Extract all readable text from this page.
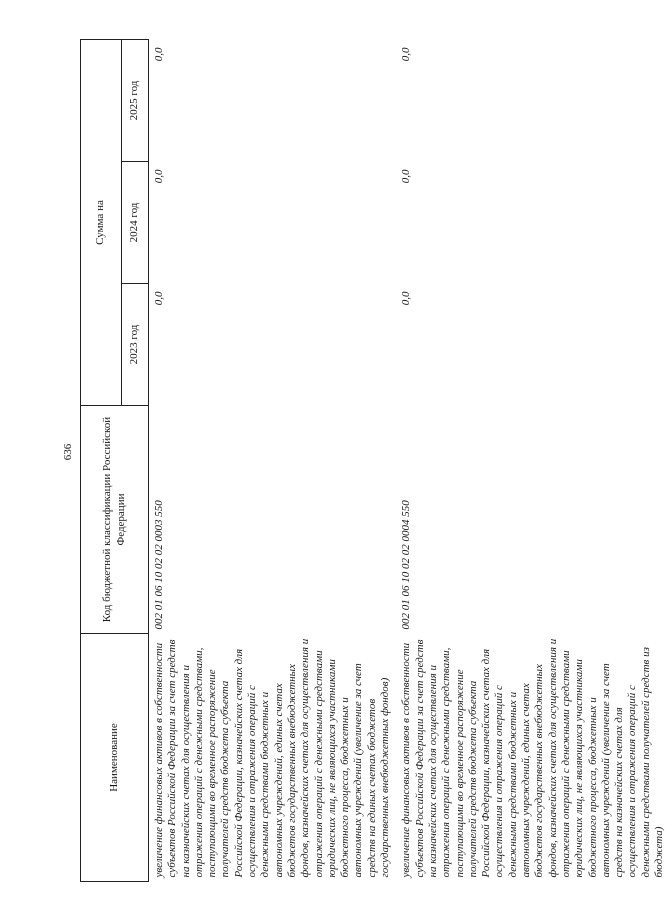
636
Наименование	Код бюджетной классификации Российской Федерации	Сумма на		
		2023 год	2024 год	2025 год
увеличение финансовых активов в собственности субъектов Российской Федерации за счет средств на казначейских счетах для осуществления и отражения операций с денежными средствами, поступающими во временное распоряжение получателей средств бюджета субъекта Российской Федерации, казначейских счетах для осуществления и отражения операций с денежными средствами бюджетных и автономных учреждений, единых счетах бюджетов государственных внебюджетных фондов, казначейских счетах для осуществления и отражения операций с денежными средствами юридических лиц, не являющихся участниками бюджетного процесса, бюджетных и автономных учреждений (увеличение за счет средств на единых счетах бюджетов государственных внебюджетных фондов)	002 01 06 10 02 02 0003 550	0,0	0,0	0,0
увеличение финансовых активов в собственности субъектов Российской Федерации за счет средств на казначейских счетах для осуществления и отражения операций с денежными средствами, поступающими во временное распоряжение получателей средств бюджета субъекта Российской Федерации, казначейских счетах для осуществления и отражения операций с денежными средствами бюджетных и автономных учреждений, единых счетах бюджетов государственных внебюджетных фондов, казначейских счетах для осуществления и отражения операций с денежными средствами юридических лиц, не являющихся участниками бюджетного процесса, бюджетных и автономных учреждений (увеличение за счет средств на казначейских счетах для осуществления и отражения операций с денежными средствами получателей средств из бюджета)	002 01 06 10 02 02 0004 550	0,0	0,0	0,0
